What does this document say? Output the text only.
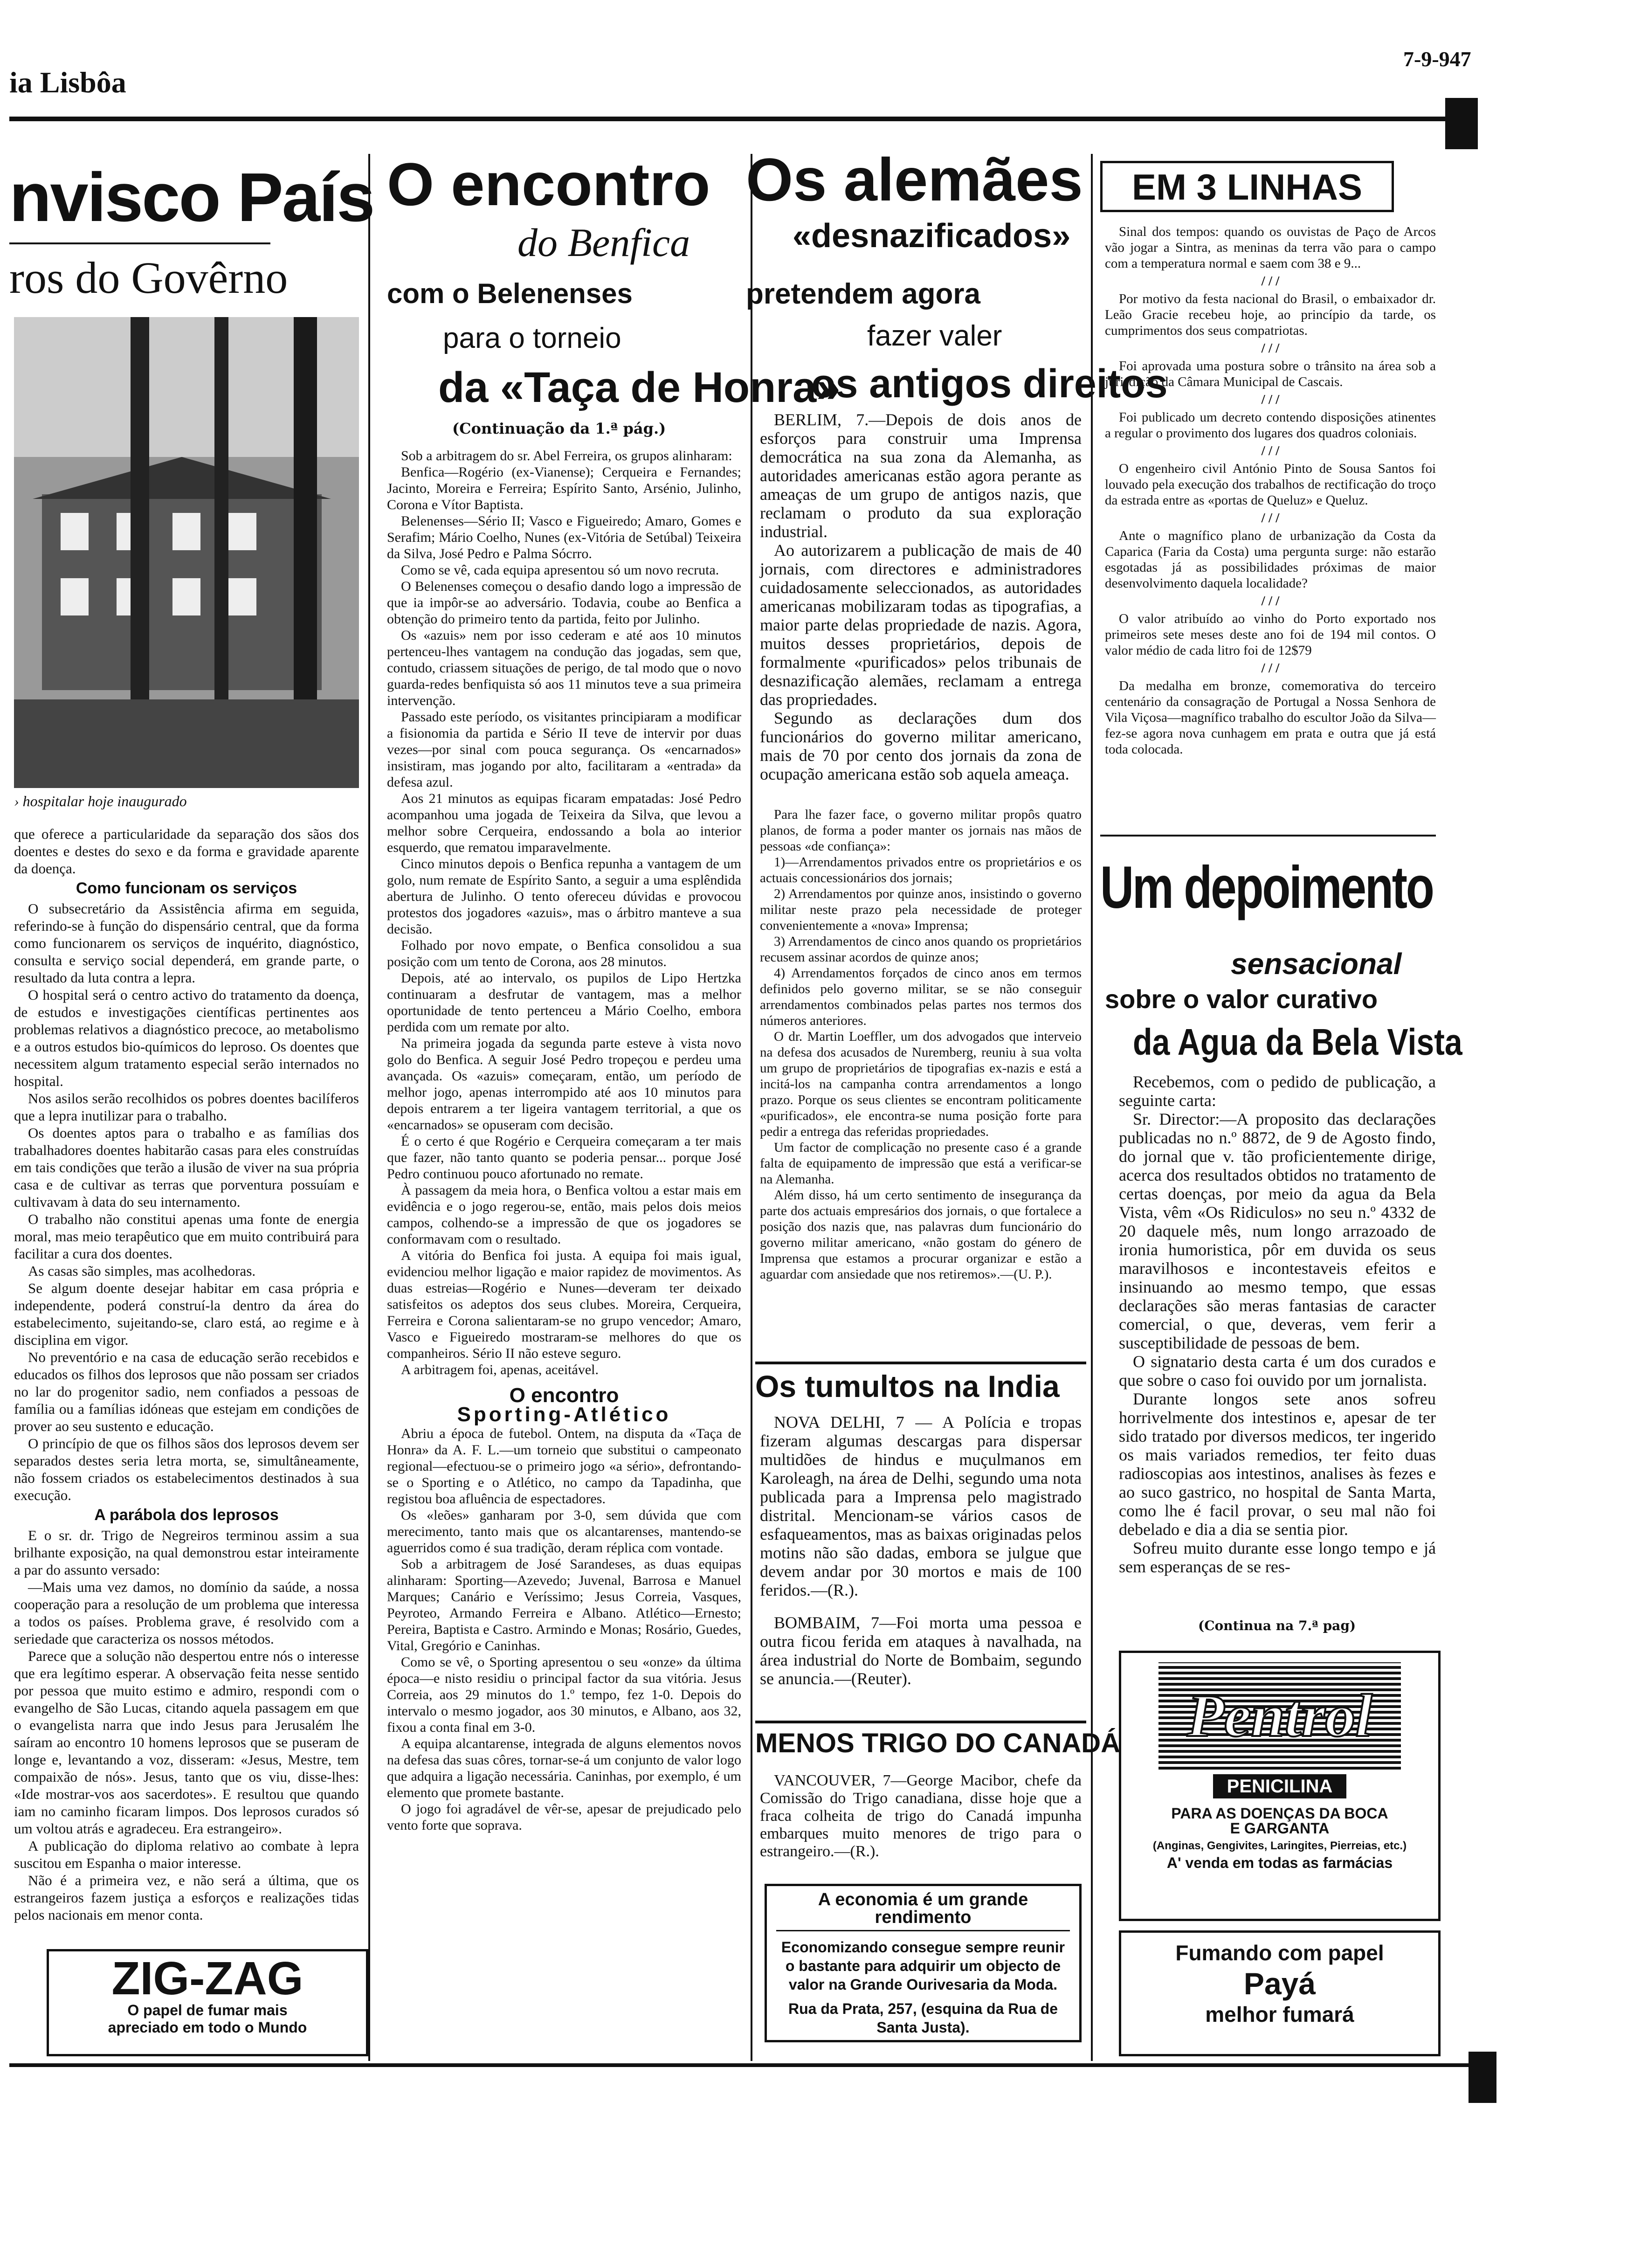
ia Lisbôa
7-9-947
nvisco País
ros do Govêrno
› hospitalar hoje inaugurado

que oferece a particularidade da separação dos sãos dos doentes e destes do sexo e da forma e gravidade aparente da doença.

Como funcionam os serviços

O subsecretário da Assistência afirma em seguida, referindo-se à função do dispensário central, que da forma como funcionarem os serviços de inquérito, diagnóstico, consulta e serviço social dependerá, em grande parte, o resultado da luta contra a lepra.

O hospital será o centro activo do tratamento da doença, de estudos e investigações científicas pertinentes aos problemas relativos a diagnóstico precoce, ao metabolismo e a outros estudos bio-químicos do leproso. Os doentes que necessitem algum tratamento especial serão internados no hospital.

Nos asilos serão recolhidos os pobres doentes bacilíferos que a lepra inutilizar para o trabalho.

Os doentes aptos para o trabalho e as famílias dos trabalhadores doentes habitarão casas para eles construídas em tais condições que terão a ilusão de viver na sua própria casa e de cultivar as terras que porventura possuíam e cultivavam à data do seu internamento.

O trabalho não constitui apenas uma fonte de energia moral, mas meio terapêutico que em muito contribuirá para facilitar a cura dos doentes.

As casas são simples, mas acolhedoras.

Se algum doente desejar habitar em casa própria e independente, poderá construí-la dentro da área do estabelecimento, sujeitando-se, claro está, ao regime e à disciplina em vigor.

No preventório e na casa de educação serão recebidos e educados os filhos dos leprosos que não possam ser criados no lar do progenitor sadio, nem confiados a pessoas de família ou a famílias idóneas que estejam em condições de prover ao seu sustento e educação.

O princípio de que os filhos sãos dos leprosos devem ser separados destes seria letra morta, se, simultâneamente, não fossem criados os estabelecimentos destinados à sua execução.

A parábola dos leprosos

E o sr. dr. Trigo de Negreiros terminou assim a sua brilhante exposição, na qual demonstrou estar inteiramente a par do assunto versado:

—Mais uma vez damos, no domínio da saúde, a nossa cooperação para a resolução de um problema que interessa a todos os países. Problema grave, é resolvido com a seriedade que caracteriza os nossos métodos.

Parece que a solução não despertou entre nós o interesse que era legítimo esperar. A observação feita nesse sentido por pessoa que muito estimo e admiro, respondi com o evangelho de São Lucas, citando aquela passagem em que o evangelista narra que indo Jesus para Jerusalém lhe saíram ao encontro 10 homens leprosos que se puseram de longe e, levantando a voz, disseram: «Jesus, Mestre, tem compaixão de nós». Jesus, tanto que os viu, disse-lhes: «Ide mostrar-vos aos sacerdotes». E resultou que quando iam no caminho ficaram limpos. Dos leprosos curados só um voltou atrás e agradeceu. Era estrangeiro».

A publicação do diploma relativo ao combate à lepra suscitou em Espanha o maior interesse.

Não é a primeira vez, e não será a última, que os estrangeiros fazem justiça a esforços e realizações tidas pelos nacionais em menor conta.

ZIG-ZAG
O papel de fumar mais
apreciado em todo o Mundo
O encontro
do Benfica
com o Belenenses
para o torneio
da «Taça de Honra»
(Continuação da 1.ª pág.)

Sob a arbitragem do sr. Abel Ferreira, os grupos alinharam:

Benfica—Rogério (ex-Vianense); Cerqueira e Fernandes; Jacinto, Moreira e Ferreira; Espírito Santo, Arsénio, Julinho, Corona e Vítor Baptista.

Belenenses—Sério II; Vasco e Figueiredo; Amaro, Gomes e Serafim; Mário Coelho, Nunes (ex-Vitória de Setúbal) Teixeira da Silva, José Pedro e Palma Sócrro.

Como se vê, cada equipa apresentou só um novo recruta.

O Belenenses começou o desafio dando logo a impressão de que ia impôr-se ao adversário. Todavia, coube ao Benfica a obtenção do primeiro tento da partida, feito por Julinho.

Os «azuis» nem por isso cederam e até aos 10 minutos pertenceu-lhes vantagem na condução das jogadas, sem que, contudo, criassem situações de perigo, de tal modo que o novo guarda-redes benfiquista só aos 11 minutos teve a sua primeira intervenção.

Passado este período, os visitantes principiaram a modificar a fisionomia da partida e Sério II teve de intervir por duas vezes—por sinal com pouca segurança. Os «encarnados» insistiram, mas jogando por alto, facilitaram a «entrada» da defesa azul.

Aos 21 minutos as equipas ficaram empatadas: José Pedro acompanhou uma jogada de Teixeira da Silva, que levou a melhor sobre Cerqueira, endossando a bola ao interior esquerdo, que rematou imparavelmente.

Cinco minutos depois o Benfica repunha a vantagem de um golo, num remate de Espírito Santo, a seguir a uma esplêndida abertura de Julinho. O tento ofereceu dúvidas e provocou protestos dos jogadores «azuis», mas o árbitro manteve a sua decisão.

Folhado por novo empate, o Benfica consolidou a sua posição com um tento de Corona, aos 28 minutos.

Depois, até ao intervalo, os pupilos de Lipo Hertzka continuaram a desfrutar de vantagem, mas a melhor oportunidade de tento pertenceu a Mário Coelho, embora perdida com um remate por alto.

Na primeira jogada da segunda parte esteve à vista novo golo do Benfica. A seguir José Pedro tropeçou e perdeu uma avançada. Os «azuis» começaram, então, um período de melhor jogo, apenas interrompido até aos 10 minutos para depois entrarem a ter ligeira vantagem territorial, a que os «encarnados» se opuseram com decisão.

É o certo é que Rogério e Cerqueira começaram a ter mais que fazer, não tanto quanto se poderia pensar... porque José Pedro continuou pouco afortunado no remate.

À passagem da meia hora, o Benfica voltou a estar mais em evidência e o jogo regerou-se, então, mais pelos dois meios campos, colhendo-se a impressão de que os jogadores se conformavam com o resultado.

A vitória do Benfica foi justa. A equipa foi mais igual, evidenciou melhor ligação e maior rapidez de movimentos. As duas estreias—Rogério e Nunes—deveram ter deixado satisfeitos os adeptos dos seus clubes. Moreira, Cerqueira, Ferreira e Corona salientaram-se no grupo vencedor; Amaro, Vasco e Figueiredo mostraram-se melhores do que os companheiros. Sério II não esteve seguro.

A arbitragem foi, apenas, aceitável.

O encontro
Sporting-Atlético

Abriu a época de futebol. Ontem, na disputa da «Taça de Honra» da A. F. L.—um torneio que substitui o campeonato regional—efectuou-se o primeiro jogo «a sério», defrontando-se o Sporting e o Atlético, no campo da Tapadinha, que registou boa afluência de espectadores.

Os «leões» ganharam por 3-0, sem dúvida que com merecimento, tanto mais que os alcantarenses, mantendo-se aguerridos como é sua tradição, deram réplica com vontade.

Sob a arbitragem de José Sarandeses, as duas equipas alinharam: Sporting—Azevedo; Juvenal, Barrosa e Manuel Marques; Canário e Veríssimo; Jesus Correia, Vasques, Peyroteo, Armando Ferreira e Albano. Atlético—Ernesto; Pereira, Baptista e Castro. Armindo e Monas; Rosário, Guedes, Vital, Gregório e Caninhas.

Como se vê, o Sporting apresentou o seu «onze» da última época—e nisto residiu o principal factor da sua vitória. Jesus Correia, aos 29 minutos do 1.º tempo, fez 1-0. Depois do intervalo o mesmo jogador, aos 30 minutos, e Albano, aos 32, fixou a conta final em 3-0.

A equipa alcantarense, integrada de alguns elementos novos na defesa das suas côres, tornar-se-á um conjunto de valor logo que adquira a ligação necessária. Caninhas, por exemplo, é um elemento que promete bastante.

O jogo foi agradável de vêr-se, apesar de prejudicado pelo vento forte que soprava.

Os alemães
«desnazificados»
pretendem agora
fazer valer
os antigos direitos

BERLIM, 7.—Depois de dois anos de esforços para construir uma Imprensa democrática na sua zona da Alemanha, as autoridades americanas estão agora perante as ameaças de um grupo de antigos nazis, que reclamam o produto da sua exploração industrial.

Ao autorizarem a publicação de mais de 40 jornais, com directores e administradores cuidadosamente seleccionados, as autoridades americanas mobilizaram todas as tipografias, a maior parte delas propriedade de nazis. Agora, muitos desses proprietários, depois de formalmente «purificados» pelos tribunais de desnazificação alemães, reclamam a entrega das propriedades.

Segundo as declarações dum dos funcionários do governo militar americano, mais de 70 por cento dos jornais da zona de ocupação americana estão sob aquela ameaça.

Para lhe fazer face, o governo militar propôs quatro planos, de forma a poder manter os jornais nas mãos de pessoas «de confiança»:

1)—Arrendamentos privados entre os proprietários e os actuais concessionários dos jornais;

2) Arrendamentos por quinze anos, insistindo o governo militar neste prazo pela necessidade de proteger convenientemente a «nova» Imprensa;

3) Arrendamentos de cinco anos quando os proprietários recusem assinar acordos de quinze anos;

4) Arrendamentos forçados de cinco anos em termos definidos pelo governo militar, se se não conseguir arrendamentos combinados pelas partes nos termos dos números anteriores.

O dr. Martin Loeffler, um dos advogados que interveio na defesa dos acusados de Nuremberg, reuniu à sua volta um grupo de proprietários de tipografias ex-nazis e está a incitá-los na campanha contra arrendamentos a longo prazo. Porque os seus clientes se encontram politicamente «purificados», ele encontra-se numa posição forte para pedir a entrega das referidas propriedades.

Um factor de complicação no presente caso é a grande falta de equipamento de impressão que está a verificar-se na Alemanha.

Além disso, há um certo sentimento de insegurança da parte dos actuais empresários dos jornais, o que fortalece a posição dos nazis que, nas palavras dum funcionário do governo militar americano, «não gostam do género de Imprensa que estamos a procurar organizar e estão a aguardar com ansiedade que nos retiremos».—(U. P.).

Os tumultos na India

NOVA DELHI, 7 — A Polícia e tropas fizeram algumas descargas para dispersar multidões de hindus e muçulmanos em Karoleagh, na área de Delhi, segundo uma nota publicada para a Imprensa pelo magistrado distrital. Mencionam-se vários casos de esfaqueamentos, mas as baixas originadas pelos motins não são dadas, embora se julgue que devem andar por 30 mortos e mais de 100 feridos.—(R.).

BOMBAIM, 7—Foi morta uma pessoa e outra ficou ferida em ataques à navalhada, na área industrial do Norte de Bombaim, segundo se anuncia.—(Reuter).

MENOS TRIGO DO CANADÁ

VANCOUVER, 7—George Macibor, chefe da Comissão do Trigo canadiana, disse hoje que a fraca colheita de trigo do Canadá impunha embarques muito menores de trigo para o estrangeiro.—(R.).

A economia é um grande rendimento
Economizando consegue sempre reunir o bastante para adquirir um objecto de valor na Grande Ourivesaria da Moda.
Rua da Prata, 257, (esquina da Rua de Santa Justa).
EM 3 LINHAS

Sinal dos tempos: quando os ouvistas de Paço de Arcos vão jogar a Sintra, as meninas da terra vão para o campo com a temperatura normal e saem com 38 e 9...

/ / /

Por motivo da festa nacional do Brasil, o embaixador dr. Leão Gracie recebeu hoje, ao princípio da tarde, os cumprimentos dos seus compatriotas.

/ / /

Foi aprovada uma postura sobre o trânsito na área sob a jurisdição da Câmara Municipal de Cascais.

/ / /

Foi publicado um decreto contendo disposições atinentes a regular o provimento dos lugares dos quadros coloniais.

/ / /

O engenheiro civil António Pinto de Sousa Santos foi louvado pela execução dos trabalhos de rectificação do troço da estrada entre as «portas de Queluz» e Queluz.

/ / /

Ante o magnífico plano de urbanização da Costa da Caparica (Faria da Costa) uma pergunta surge: não estarão esgotadas já as possibilidades próximas de maior desenvolvimento daquela localidade?

/ / /

O valor atribuído ao vinho do Porto exportado nos primeiros sete meses deste ano foi de 194 mil contos. O valor médio de cada litro foi de 12$79

/ / /

Da medalha em bronze, comemorativa do terceiro centenário da consagração de Portugal a Nossa Senhora de Vila Viçosa—magnífico trabalho do escultor João da Silva—fez-se agora nova cunhagem em prata e outra que já está toda colocada.

Um depoimento
sensacional
sobre o valor curativo
da Agua da Bela Vista

Recebemos, com o pedido de publicação, a seguinte carta:

Sr. Director:—A proposito das declarações publicadas no n.º 8872, de 9 de Agosto findo, do jornal que v. tão proficientemente dirige, acerca dos resultados obtidos no tratamento de certas doenças, por meio da agua da Bela Vista, vêm «Os Ridiculos» no seu n.º 4332 de 20 daquele mês, num longo arrazoado de ironia humoristica, pôr em duvida os seus maravilhosos e incontestaveis efeitos e insinuando ao mesmo tempo, que essas declarações são meras fantasias de caracter comercial, o que, deveras, vem ferir a susceptibilidade de pessoas de bem.

O signatario desta carta é um dos curados e que sobre o caso foi ouvido por um jornalista.

Durante longos sete anos sofreu horrivelmente dos intestinos e, apesar de ter sido tratado por diversos medicos, ter ingerido os mais variados remedios, ter feito duas radioscopias aos intestinos, analises às fezes e ao suco gastrico, no hospital de Santa Marta, como lhe é facil provar, o seu mal não foi debelado e dia a dia se sentia pior.

Sofreu muito durante esse longo tempo e já sem esperanças de se res-

(Continua na 7.ª pag)
Pentrol
PENICILINA
PARA AS DOENÇAS DA BOCA
E GARGANTA
(Anginas, Gengivites, Laringites, Pierreias, etc.)
A' venda em todas as farmácias
Fumando com papel
Payá
melhor fumará
